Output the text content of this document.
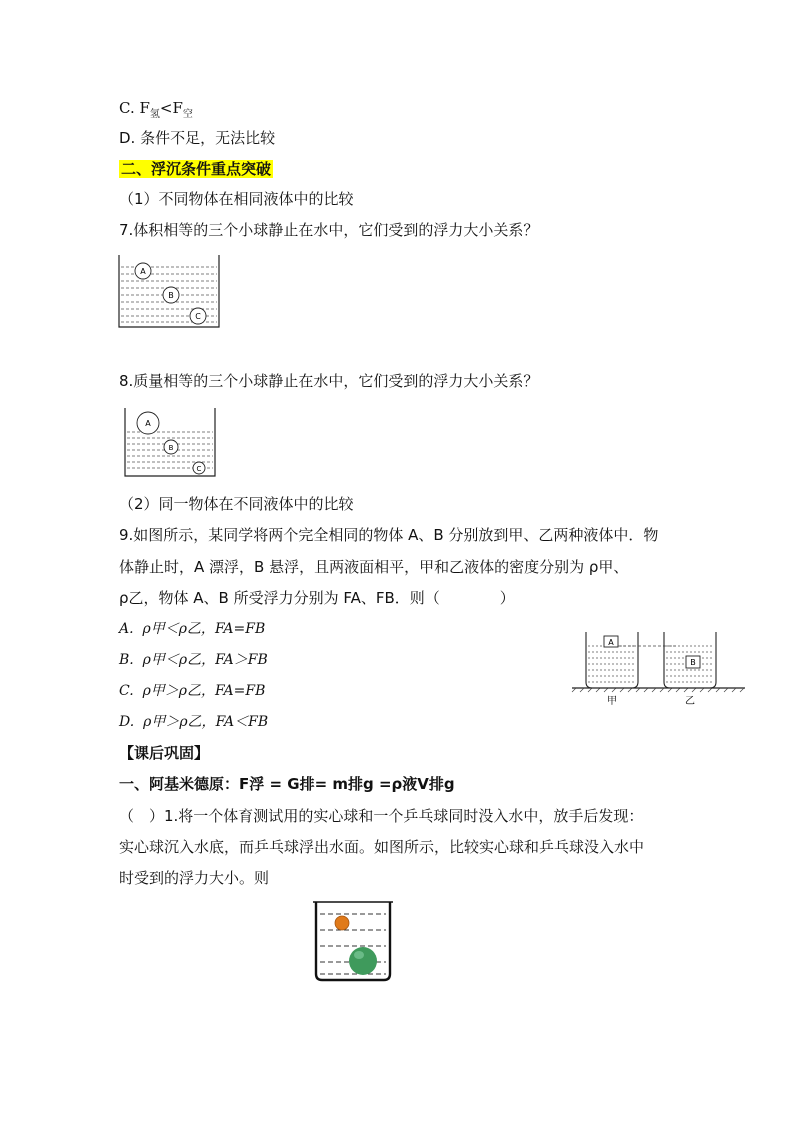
C. $F_氢<F_空$
D. 条件不足，无法比较
二、浮沉条件重点突破
（1）不同物体在相同液体中的比较
7.体积相等的三个小球静止在水中，它们受到的浮力大小关系？
A
B
C
8.质量相等的三个小球静止在水中，它们受到的浮力大小关系？
A
B
C
（2）同一物体在不同液体中的比较
9.如图所示，某同学将两个完全相同的物体 A、B 分别放到甲、乙两种液体中．物
体静止时，A 漂浮，B 悬浮，且两液面相平，甲和乙液体的密度分别为 ρ甲、
ρ乙，物体 A、B 所受浮力分别为 FA、FB．则（　　　　）
A. ρ甲＜ρ乙，FA=FB
B. ρ甲＜ρ乙，FA＞FB
C. ρ甲＞ρ乙，FA=FB
D. ρ甲＞ρ乙，FA＜FB
A
B
甲	乙
【课后巩固】
一、阿基米德原：F浮 = G排= m排g =ρ液V排g
（　）1.将一个体育测试用的实心球和一个乒乓球同时没入水中，放手后发现：
实心球沉入水底，而乒乓球浮出水面。如图所示，比较实心球和乒乓球没入水中
时受到的浮力大小。则
